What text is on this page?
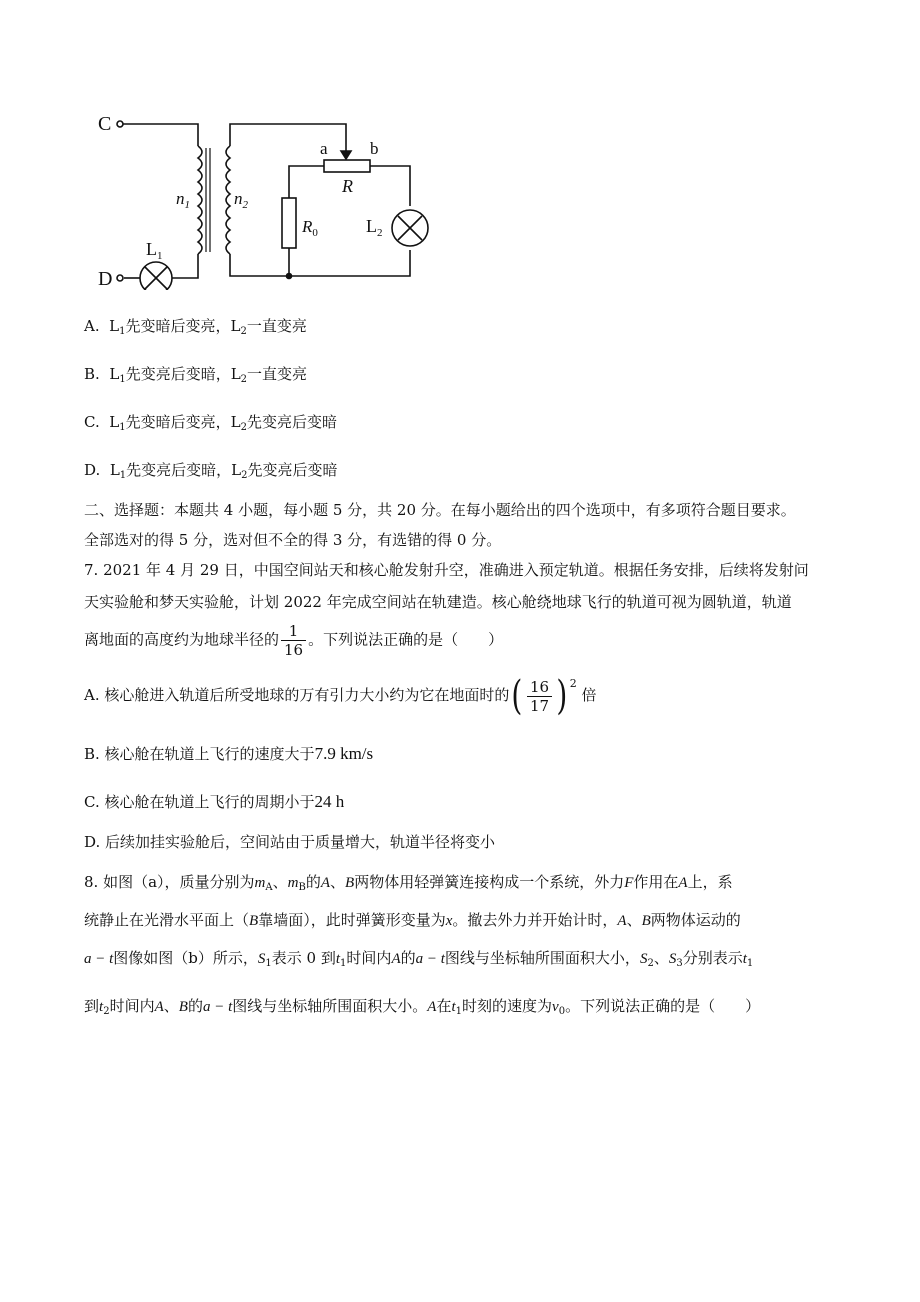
C
D
$n_1$	$n_2$
$L_1$
$L_2$
R
$R_0$
a b
A. $L_1$先变暗后变亮，$L_2$一直变亮
B. $L_1$先变亮后变暗，$L_2$一直变亮
C. $L_1$先变暗后变亮，$L_2$先变亮后变暗
D. $L_1$先变亮后变暗，$L_2$先变亮后变暗
二、选择题：本题共 4 小题，每小题 5 分，共 20 分。在每小题给出的四个选项中，有多项符合题目要求。
全部选对的得 5 分，选对但不全的得 3 分，有选错的得 0 分。
7. 2021 年 4 月 29 日，中国空间站天和核心舱发射升空，准确进入预定轨道。根据任务安排，后续将发射问
天实验舱和梦天实验舱，计划 2022 年完成空间站在轨建造。核心舱绕地球飞行的轨道可视为圆轨道，轨道
离地面的高度约为地球半径的 $\frac{1}{16}$ 。下列说法正确的是（　　）
A. 核心舱进入轨道后所受地球的万有引力大小约为它在地面时的 ( $\frac{16}{17}$ ) 2
倍
B. 核心舱在轨道上飞行的速度大于7.9 km/s
C. 核心舱在轨道上飞行的周期小于24 h
D. 后续加挂实验舱后，空间站由于质量增大，轨道半径将变小
8. 如图（a），质量分别为$m_A$、$m_B$的A、B两物体用轻弹簧连接构成一个系统，外力F作用在A上，系
统静止在光滑水平面上（B靠墙面），此时弹簧形变量为x。撤去外力并开始计时，A、B两物体运动的
a − t图像如图（b）所示，$S_1$表示 0 到$t_1$时间内A的a − t图线与坐标轴所围面积大小，$S_2$、$S_3$分别表示$t_1$
到$t_2$时间内A、B的a − t图线与坐标轴所围面积大小。A在$t_1$时刻的速度为$v_0$。下列说法正确的是（　　）
